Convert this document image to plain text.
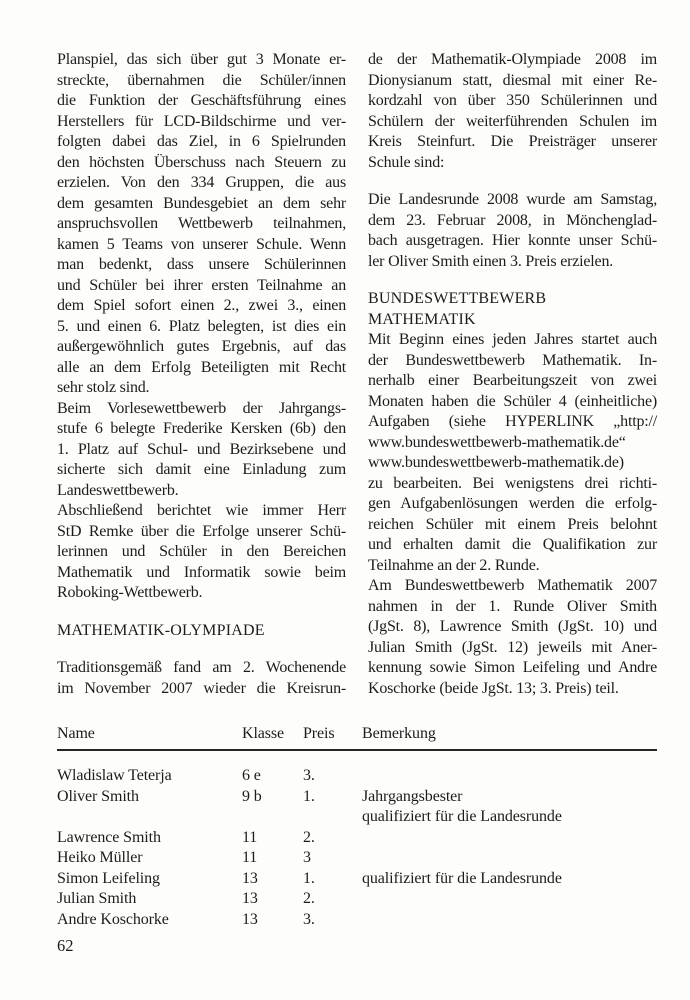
Planspiel, das sich über gut 3 Monate er-
streckte, übernahmen die Schüler/innen
die Funktion der Geschäftsführung eines
Herstellers für LCD-Bildschirme und ver-
folgten dabei das Ziel, in 6 Spielrunden
den höchsten Überschuss nach Steuern zu
erzielen. Von den 334 Gruppen, die aus
dem gesamten Bundesgebiet an dem sehr
anspruchsvollen Wettbewerb teilnahmen,
kamen 5 Teams von unserer Schule. Wenn
man bedenkt, dass unsere Schülerinnen
und Schüler bei ihrer ersten Teilnahme an
dem Spiel sofort einen 2., zwei 3., einen
5. und einen 6. Platz belegten, ist dies ein
außergewöhnlich gutes Ergebnis, auf das
alle an dem Erfolg Beteiligten mit Recht
sehr stolz sind.
Beim Vorlesewettbewerb der Jahrgangs-
stufe 6 belegte Frederike Kersken (6b) den
1. Platz auf Schul- und Bezirksebene und
sicherte sich damit eine Einladung zum
Landeswettbewerb.
Abschließend berichtet wie immer Herr
StD Remke über die Erfolge unserer Schü-
lerinnen und Schüler in den Bereichen
Mathematik und Informatik sowie beim
Roboking-Wettbewerb.
MATHEMATIK-OLYMPIADE
Traditionsgemäß fand am 2. Wochenende
im November 2007 wieder die Kreisrun-
de der Mathematik-Olympiade 2008 im
Dionysianum statt, diesmal mit einer Re-
kordzahl von über 350 Schülerinnen und
Schülern der weiterführenden Schulen im
Kreis Steinfurt. Die Preisträger unserer
Schule sind:
Die Landesrunde 2008 wurde am Samstag,
dem 23. Februar 2008, in Mönchenglad-
bach ausgetragen. Hier konnte unser Schü-
ler Oliver Smith einen 3. Preis erzielen.
BUNDESWETTBEWERB
MATHEMATIK
Mit Beginn eines jeden Jahres startet auch
der Bundeswettbewerb Mathematik. In-
nerhalb einer Bearbeitungszeit von zwei
Monaten haben die Schüler 4 (einheitliche)
Aufgaben (siehe HYPERLINK „http://
www.bundeswettbewerb-mathematik.de“
www.bundeswettbewerb-mathematik.de)
zu bearbeiten. Bei wenigstens drei richti-
gen Aufgabenlösungen werden die erfolg-
reichen Schüler mit einem Preis belohnt
und erhalten damit die Qualifikation zur
Teilnahme an der 2. Runde.
Am Bundeswettbewerb Mathematik 2007
nahmen in der 1. Runde Oliver Smith
(JgSt. 8), Lawrence Smith (JgSt. 10) und
Julian Smith (JgSt. 12) jeweils mit Aner-
kennung sowie Simon Leifeling und Andre
Koschorke (beide JgSt. 13; 3. Preis) teil.
Name	Klasse	Preis	Bemerkung
Wladislaw Teterja	6 e	3.
Oliver Smith	9 b	1.	Jahrgangsbester
qualifiziert für die Landesrunde
Lawrence Smith	11	2.
Heiko Müller	11	3
Simon Leifeling	13	1.	qualifiziert für die Landesrunde
Julian Smith	13	2.
Andre Koschorke	13	3.
62
